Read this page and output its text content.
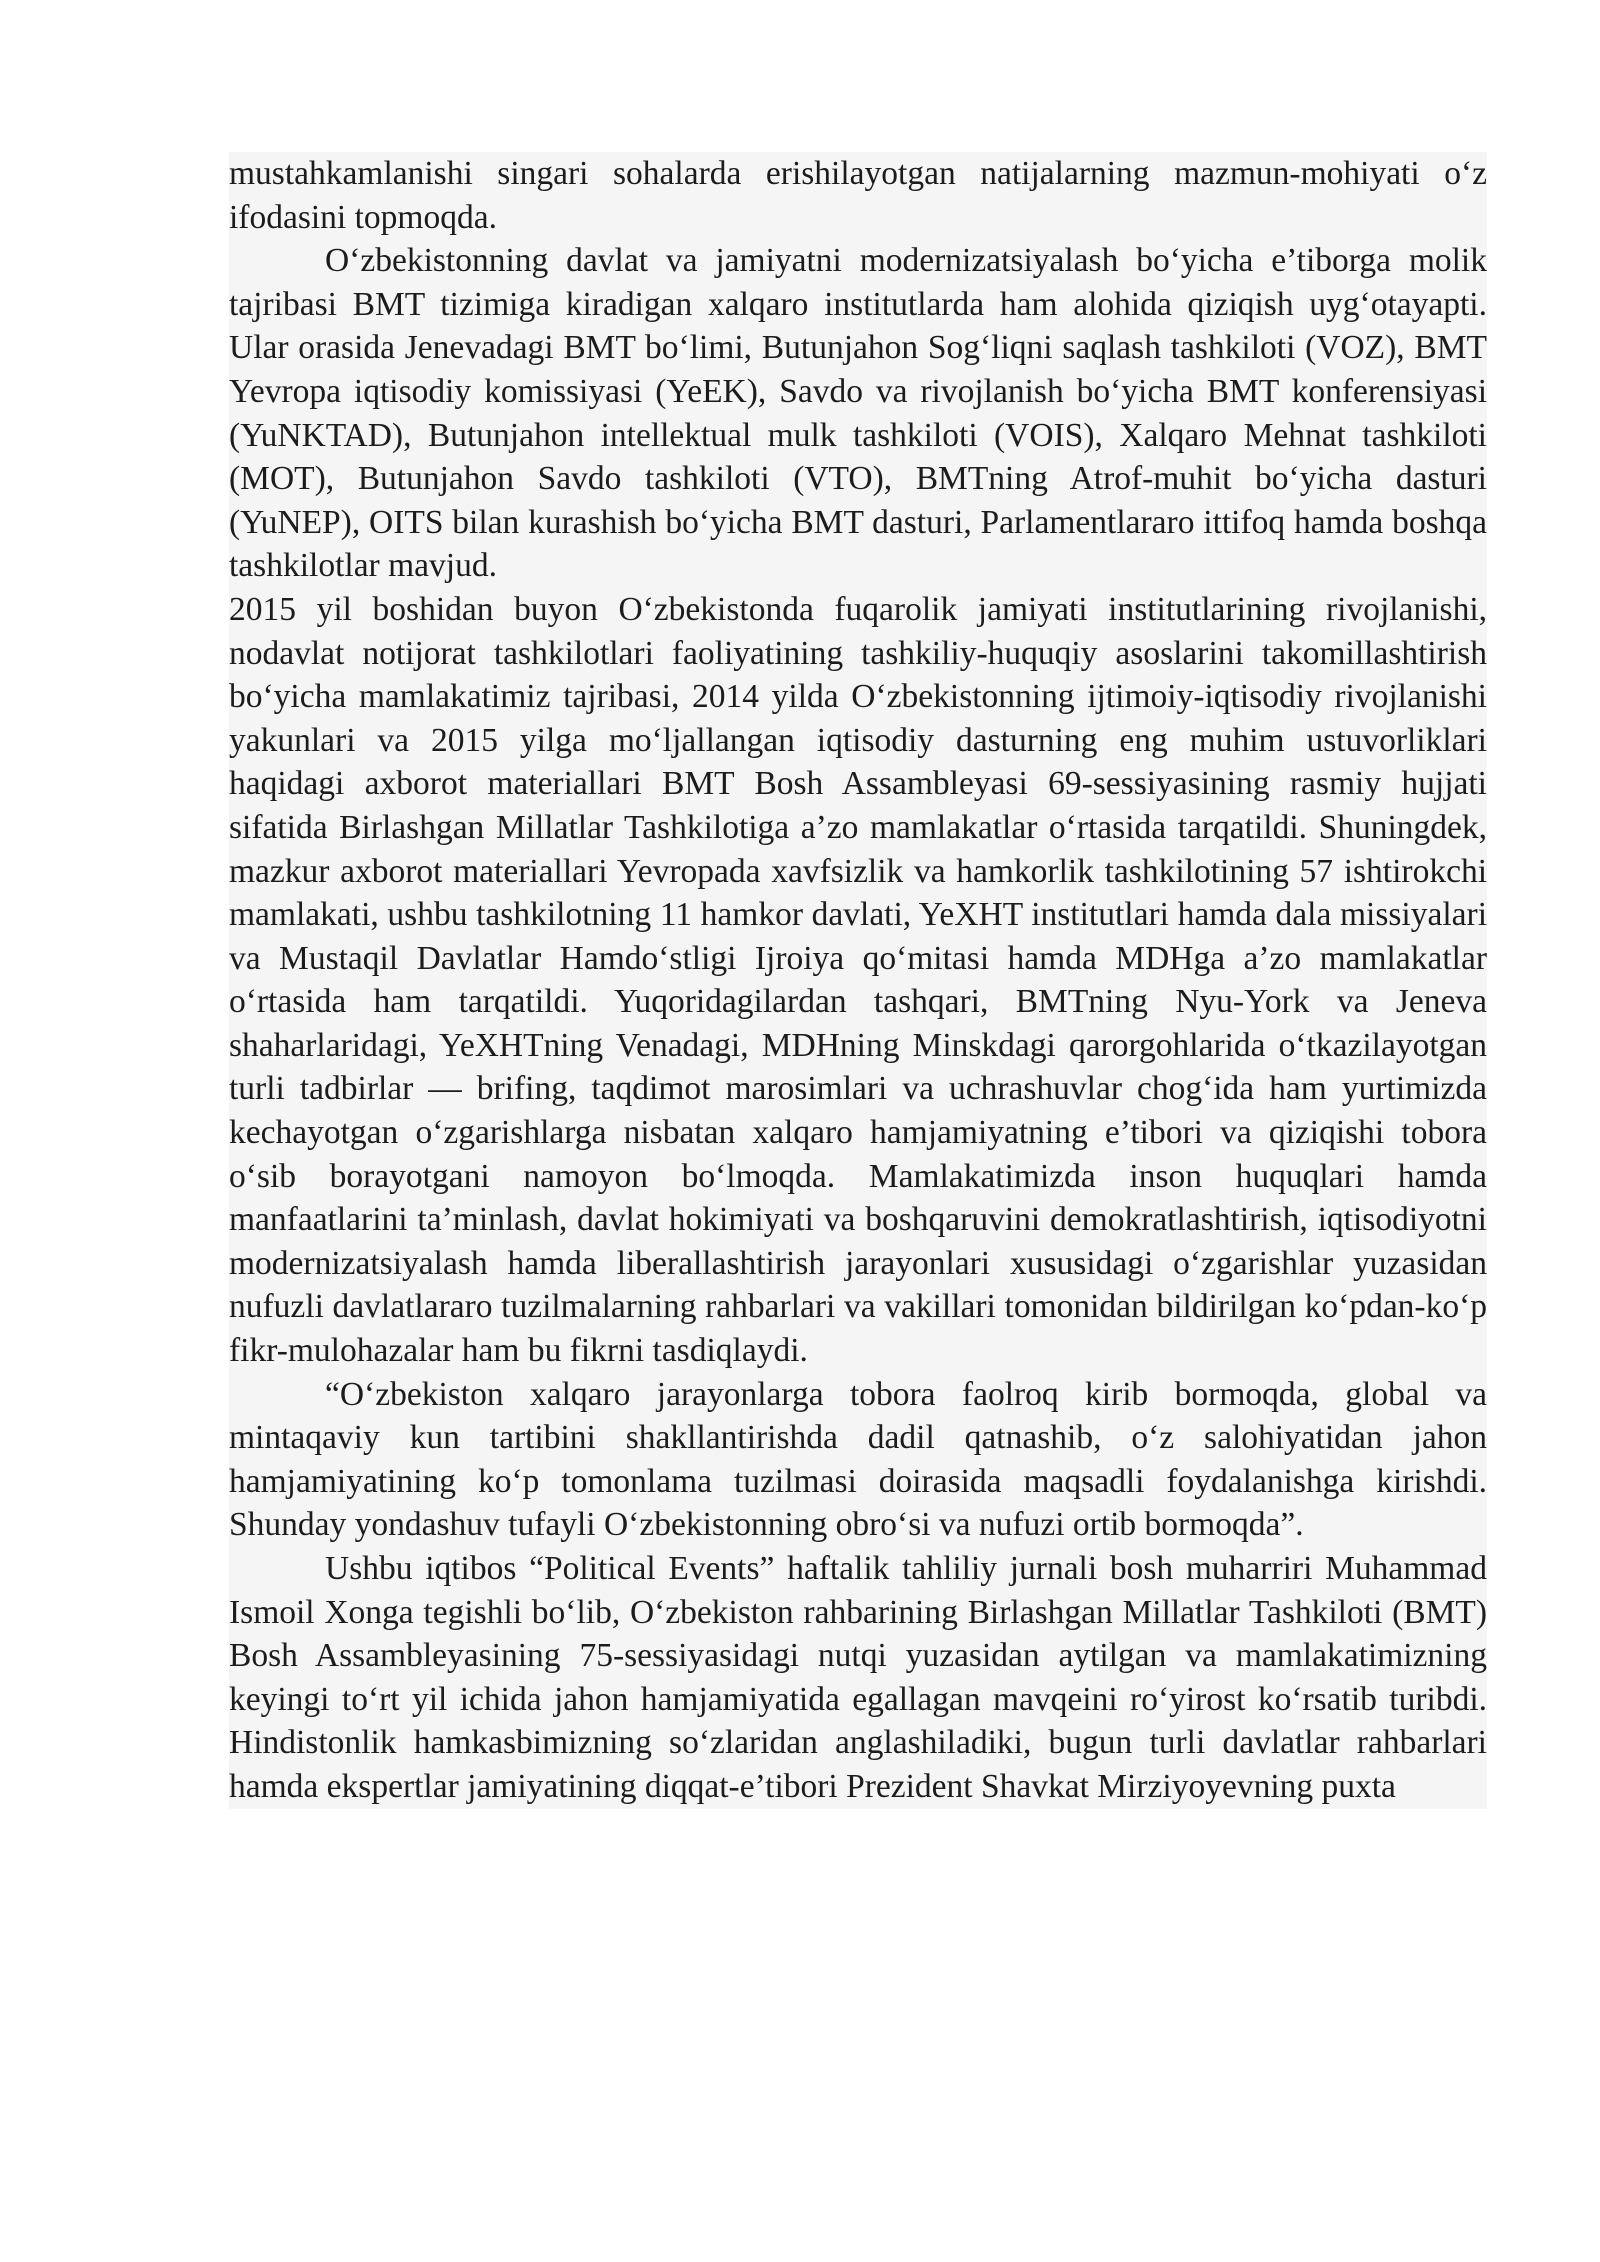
mustahkamlanishi singari sohalarda erishilayotgan natijalarning mazmun-mohiyati o‘z ifodasini topmoqda.

O‘zbekistonning davlat va jamiyatni modernizatsiyalash bo‘yicha e’tiborga molik tajribasi BMT tizimiga kiradigan xalqaro institutlarda ham alohida qiziqish uyg‘otayapti. Ular orasida Jenevadagi BMT bo‘limi, Butunjahon Sog‘liqni saqlash tashkiloti (VOZ), BMT Yevropa iqtisodiy komissiyasi (YeEK), Savdo va rivojlanish bo‘yicha BMT konferensiyasi (YuNKTAD), Butunjahon intellektual mulk tashkiloti (VOIS), Xalqaro Mehnat tashkiloti (MOT), Butunjahon Savdo tashkiloti (VTO), BMTning Atrof-muhit bo‘yicha dasturi (YuNEP), OITS bilan kurashish bo‘yicha BMT dasturi, Parlamentlararo ittifoq hamda boshqa tashkilotlar mavjud.

2015 yil boshidan buyon O‘zbekistonda fuqarolik jamiyati institutlarining rivojlanishi, nodavlat notijorat tashkilotlari faoliyatining tashkiliy-huquqiy asoslarini takomillashtirish bo‘yicha mamlakatimiz tajribasi, 2014 yilda O‘zbekistonning ijtimoiy-iqtisodiy rivojlanishi yakunlari va 2015 yilga mo‘ljallangan iqtisodiy dasturning eng muhim ustuvorliklari haqidagi axborot materiallari BMT Bosh Assambleyasi 69-sessiyasining rasmiy hujjati sifatida Birlashgan Millatlar Tashkilotiga a’zo mamlakatlar o‘rtasida tarqatildi. Shuningdek, mazkur axborot materiallari Yevropada xavfsizlik va hamkorlik tashkilotining 57 ishtirokchi mamlakati, ushbu tashkilotning 11 hamkor davlati, YeXHT institutlari hamda dala missiyalari va Mustaqil Davlatlar Hamdo‘stligi Ijroiya qo‘mitasi hamda MDHga a’zo mamlakatlar o‘rtasida ham tarqatildi. Yuqoridagilardan tashqari, BMTning Nyu-York va Jeneva shaharlaridagi, YeXHTning Venadagi, MDHning Minskdagi qarorgohlarida o‘tkazilayotgan turli tadbirlar — brifing, taqdimot marosimlari va uchrashuvlar chog‘ida ham yurtimizda kechayotgan o‘zgarishlarga nisbatan xalqaro hamjamiyatning e’tibori va qiziqishi tobora o‘sib borayotgani namoyon bo‘lmoqda. Mamlakatimizda inson huquqlari hamda manfaatlarini ta’minlash, davlat hokimiyati va boshqaruvini demokratlashtirish, iqtisodiyotni modernizatsiyalash hamda liberallashtirish jarayonlari xususidagi o‘zgarishlar yuzasidan nufuzli davlatlararo tuzilmalarning rahbarlari va vakillari tomonidan bildirilgan ko‘pdan-ko‘p fikr-mulohazalar ham bu fikrni tasdiqlaydi.

“O‘zbekiston xalqaro jarayonlarga tobora faolroq kirib bormoqda, global va mintaqaviy kun tartibini shakllantirishda dadil qatnashib, o‘z salohiyatidan jahon hamjamiyatining ko‘p tomonlama tuzilmasi doirasida maqsadli foydalanishga kirishdi. Shunday yondashuv tufayli O‘zbekistonning obro‘si va nufuzi ortib bormoqda”.

Ushbu iqtibos “Political Events” haftalik tahliliy jurnali bosh muharriri Muhammad Ismoil Xonga tegishli bo‘lib, O‘zbekiston rahbarining Birlashgan Millatlar Tashkiloti (BMT) Bosh Assambleyasining 75-sessiyasidagi nutqi yuzasidan aytilgan va mamlakatimizning keyingi to‘rt yil ichida jahon hamjamiyatida egallagan mavqeini ro‘yirost ko‘rsatib turibdi. Hindistonlik hamkasbimizning so‘zlaridan anglashiladiki, bugun turli davlatlar rahbarlari hamda ekspertlar jamiyatining diqqat-e’tibori Prezident Shavkat Mirziyoyevning puxta
